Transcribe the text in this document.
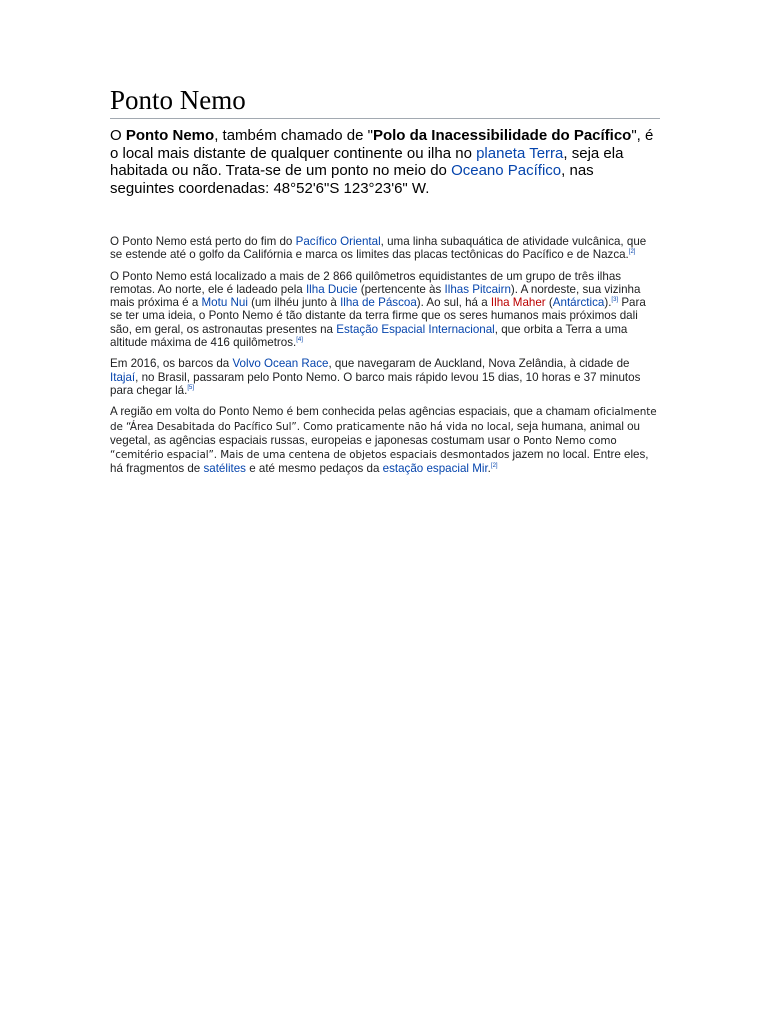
Ponto Nemo

O Ponto Nemo, também chamado de "Polo da Inacessibilidade do Pacífico", é o local mais distante de qualquer continente ou ilha no planeta Terra, seja ela habitada ou não. Trata-se de um ponto no meio do Oceano Pacífico, nas seguintes coordenadas: 48°52'6"S 123°23'6" W.

O Ponto Nemo está perto do fim do Pacífico Oriental, uma linha subaquática de atividade vulcânica, que se estende até o golfo da Califórnia e marca os limites das placas tectônicas do Pacífico e de Nazca.[2]

O Ponto Nemo está localizado a mais de 2 866 quilômetros equidistantes de um grupo de três ilhas remotas. Ao norte, ele é ladeado pela Ilha Ducie (pertencente às Ilhas Pitcairn). A nordeste, sua vizinha mais próxima é a Motu Nui (um ilhéu junto à Ilha de Páscoa). Ao sul, há a Ilha Maher (Antárctica).[3] Para se ter uma ideia, o Ponto Nemo é tão distante da terra firme que os seres humanos mais próximos dali são, em geral, os astronautas presentes na Estação Espacial Internacional, que orbita a Terra a uma altitude máxima de 416 quilômetros.[4]

Em 2016, os barcos da Volvo Ocean Race, que navegaram de Auckland, Nova Zelândia, à cidade de Itajaí, no Brasil, passaram pelo Ponto Nemo. O barco mais rápido levou 15 dias, 10 horas e 37 minutos para chegar lá.[5]

A região em volta do Ponto Nemo é bem conhecida pelas agências espaciais, que a chamam oficialmente de “Área Desabitada do Pacífico Sul”. Como praticamente não há vida no local, seja humana, animal ou vegetal, as agências espaciais russas, europeias e japonesas costumam usar o Ponto Nemo como “cemitério espacial”. Mais de uma centena de objetos espaciais desmontados jazem no local. Entre eles, há fragmentos de satélites e até mesmo pedaços da estação espacial Mir.[2]
